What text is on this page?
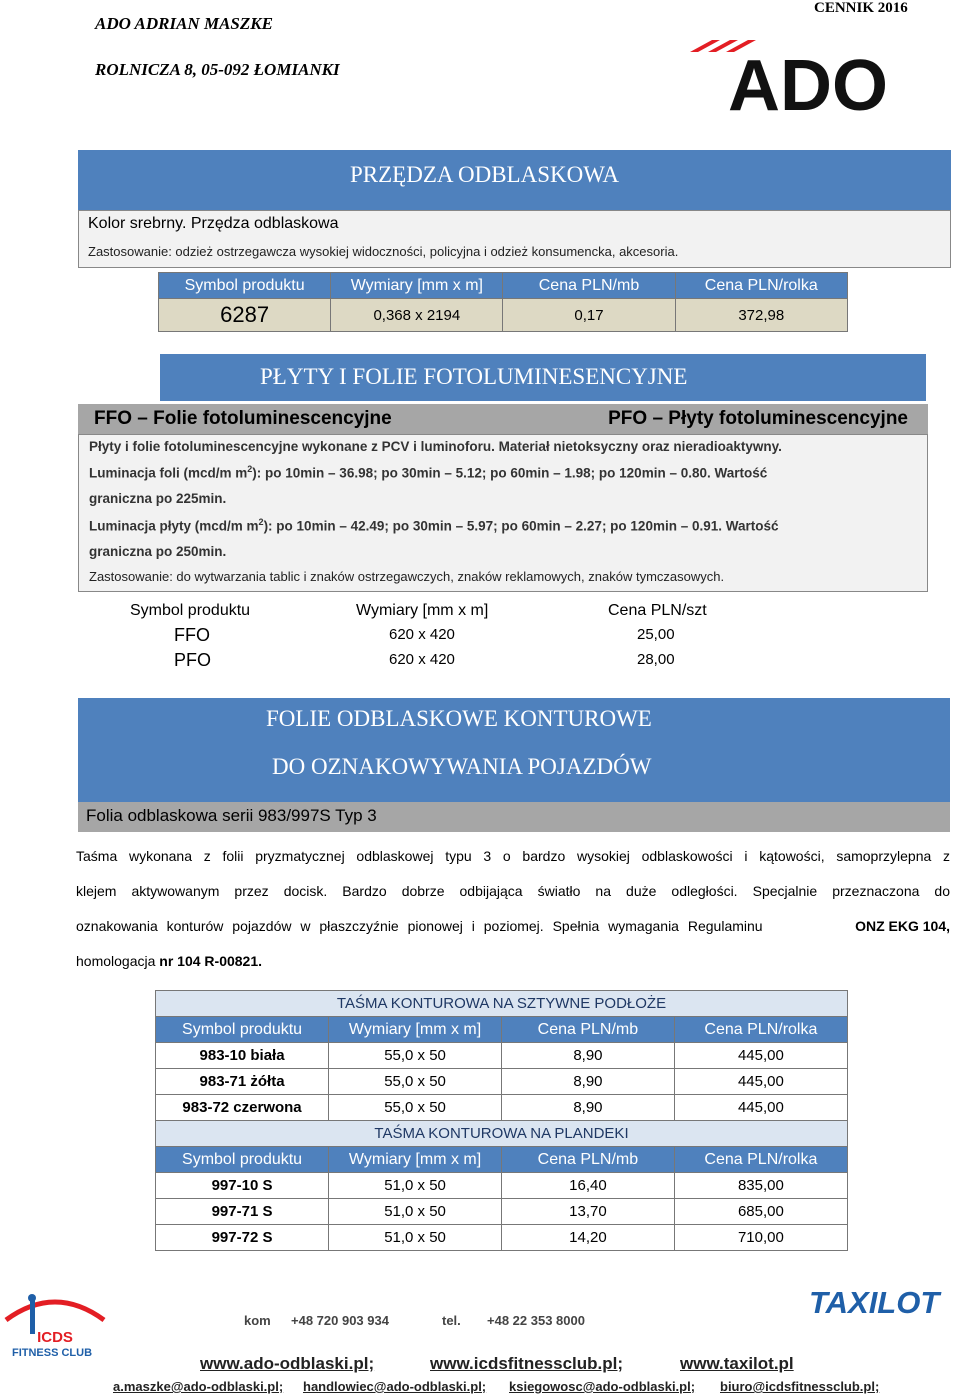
ADO ADRIAN MASZKE
ROLNICZA 8, 05-092 ŁOMIANKI
CENNIK 2016
ADO
PRZĘDZA ODBLASKOWA
Kolor srebrny. Przędza odblaskowa
Zastosowanie: odzież ostrzegawcza wysokiej widoczności, policyjna i odzież konsumencka, akcesoria.
Symbol produktu	Wymiary [mm x m]	Cena PLN/mb	Cena PLN/rolka
6287	0,368 x 2194	0,17	372,98
PŁYTY I FOLIE FOTOLUMINESENCYJNE
FFO – Folie fotoluminescencyjne	PFO – Płyty fotoluminescencyjne
Płyty i folie fotoluminescencyjne wykonane z PCV i luminoforu. Materiał nietoksyczny oraz nieradioaktywny.
Luminacja foli (mcd/m $m^2$): po 10min – 36.98; po 30min – 5.12; po 60min – 1.98; po 120min – 0.80. Wartość
graniczna po 225min.
Luminacja płyty (mcd/m $m^2$): po 10min – 42.49; po 30min – 5.97; po 60min – 2.27; po 120min – 0.91. Wartość
graniczna po 250min.
Zastosowanie: do wytwarzania tablic i znaków ostrzegawczych, znaków reklamowych, znaków tymczasowych.
Symbol produktu	Wymiary [mm x m]	Cena PLN/szt
FFO	620 x 420	25,00
PFO	620 x 420	28,00
FOLIE ODBLASKOWE KONTUROWE
DO OZNAKOWYWANIA POJAZDÓW
Folia odblaskowa serii 983/997S Typ 3
Taśma wykonana z folii pryzmatycznej odblaskowej typu 3 o bardzo wysokiej odblaskowości i kątowości, samoprzylepna z
klejem aktywowanym przez docisk. Bardzo dobrze odbijająca światło na duże odległości. Specjalnie przeznaczona do
oznakowania konturów pojazdów w płaszczyźnie pionowej i poziomej. Spełnia wymagania Regulaminu	ONZ EKG 104,
homologacja nr 104 R-00821.
TAŚMA KONTUROWA NA SZTYWNE PODŁOŻE			
Symbol produktu	Wymiary [mm x m]	Cena PLN/mb	Cena PLN/rolka
983-10 biała	55,0 x 50	8,90	445,00
983-71 żółta	55,0 x 50	8,90	445,00
983-72 czerwona	55,0 x 50	8,90	445,00
TAŚMA KONTUROWA NA PLANDEKI			
Symbol produktu	Wymiary [mm x m]	Cena PLN/mb	Cena PLN/rolka
997-10 S	51,0 x 50	16,40	835,00
997-71 S	51,0 x 50	13,70	685,00
997-72 S	51,0 x 50	14,20	710,00
ICDS
FITNESS CLUB
TAXILOT
kom +48 720 903 934	tel. +48 22 353 8000
www.ado-odblaski.pl;	www.icdsfitnessclub.pl;	www.taxilot.pl
a.maszke@ado-odblaski.pl; handlowiec@ado-odblaski.pl; ksiegowosc@ado-odblaski.pl; biuro@icdsfitnessclub.pl;
